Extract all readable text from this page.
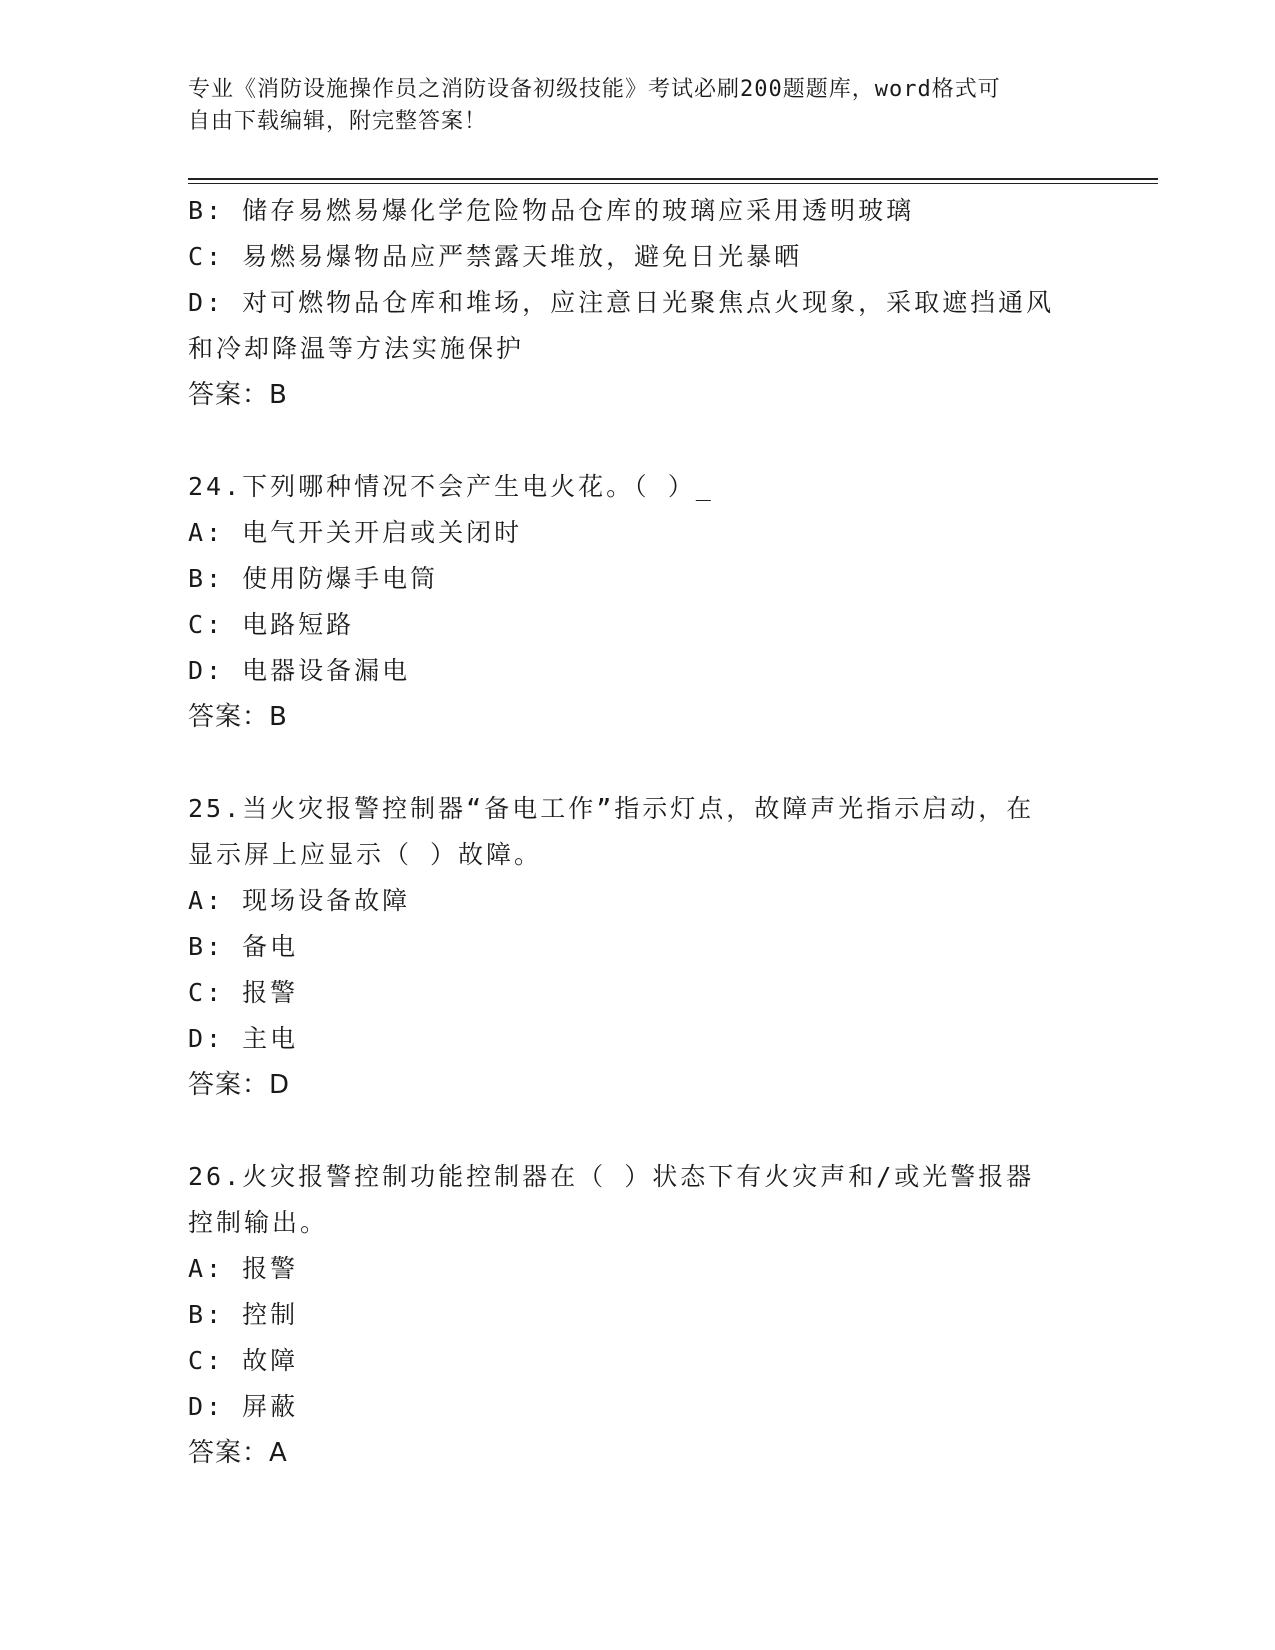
专业《消防设施操作员之消防设备初级技能》考试必刷200题题库，word格式可
自由下载编辑，附完整答案！
B: 储存易燃易爆化学危险物品仓库的玻璃应采用透明玻璃
C: 易燃易爆物品应严禁露天堆放，避免日光暴晒
D: 对可燃物品仓库和堆场，应注意日光聚焦点火现象，采取遮挡通风
和冷却降温等方法实施保护
答案：B
24.下列哪种情况不会产生电火花。（ ）_
A: 电气开关开启或关闭时
B: 使用防爆手电筒
C: 电路短路
D: 电器设备漏电
答案：B
25.当火灾报警控制器“备电工作”指示灯点，故障声光指示启动，在
显示屏上应显示（ ）故障。
A: 现场设备故障
B: 备电
C: 报警
D: 主电
答案：D
26.火灾报警控制功能控制器在（ ）状态下有火灾声和/或光警报器
控制输出。
A: 报警
B: 控制
C: 故障
D: 屏蔽
答案：A
